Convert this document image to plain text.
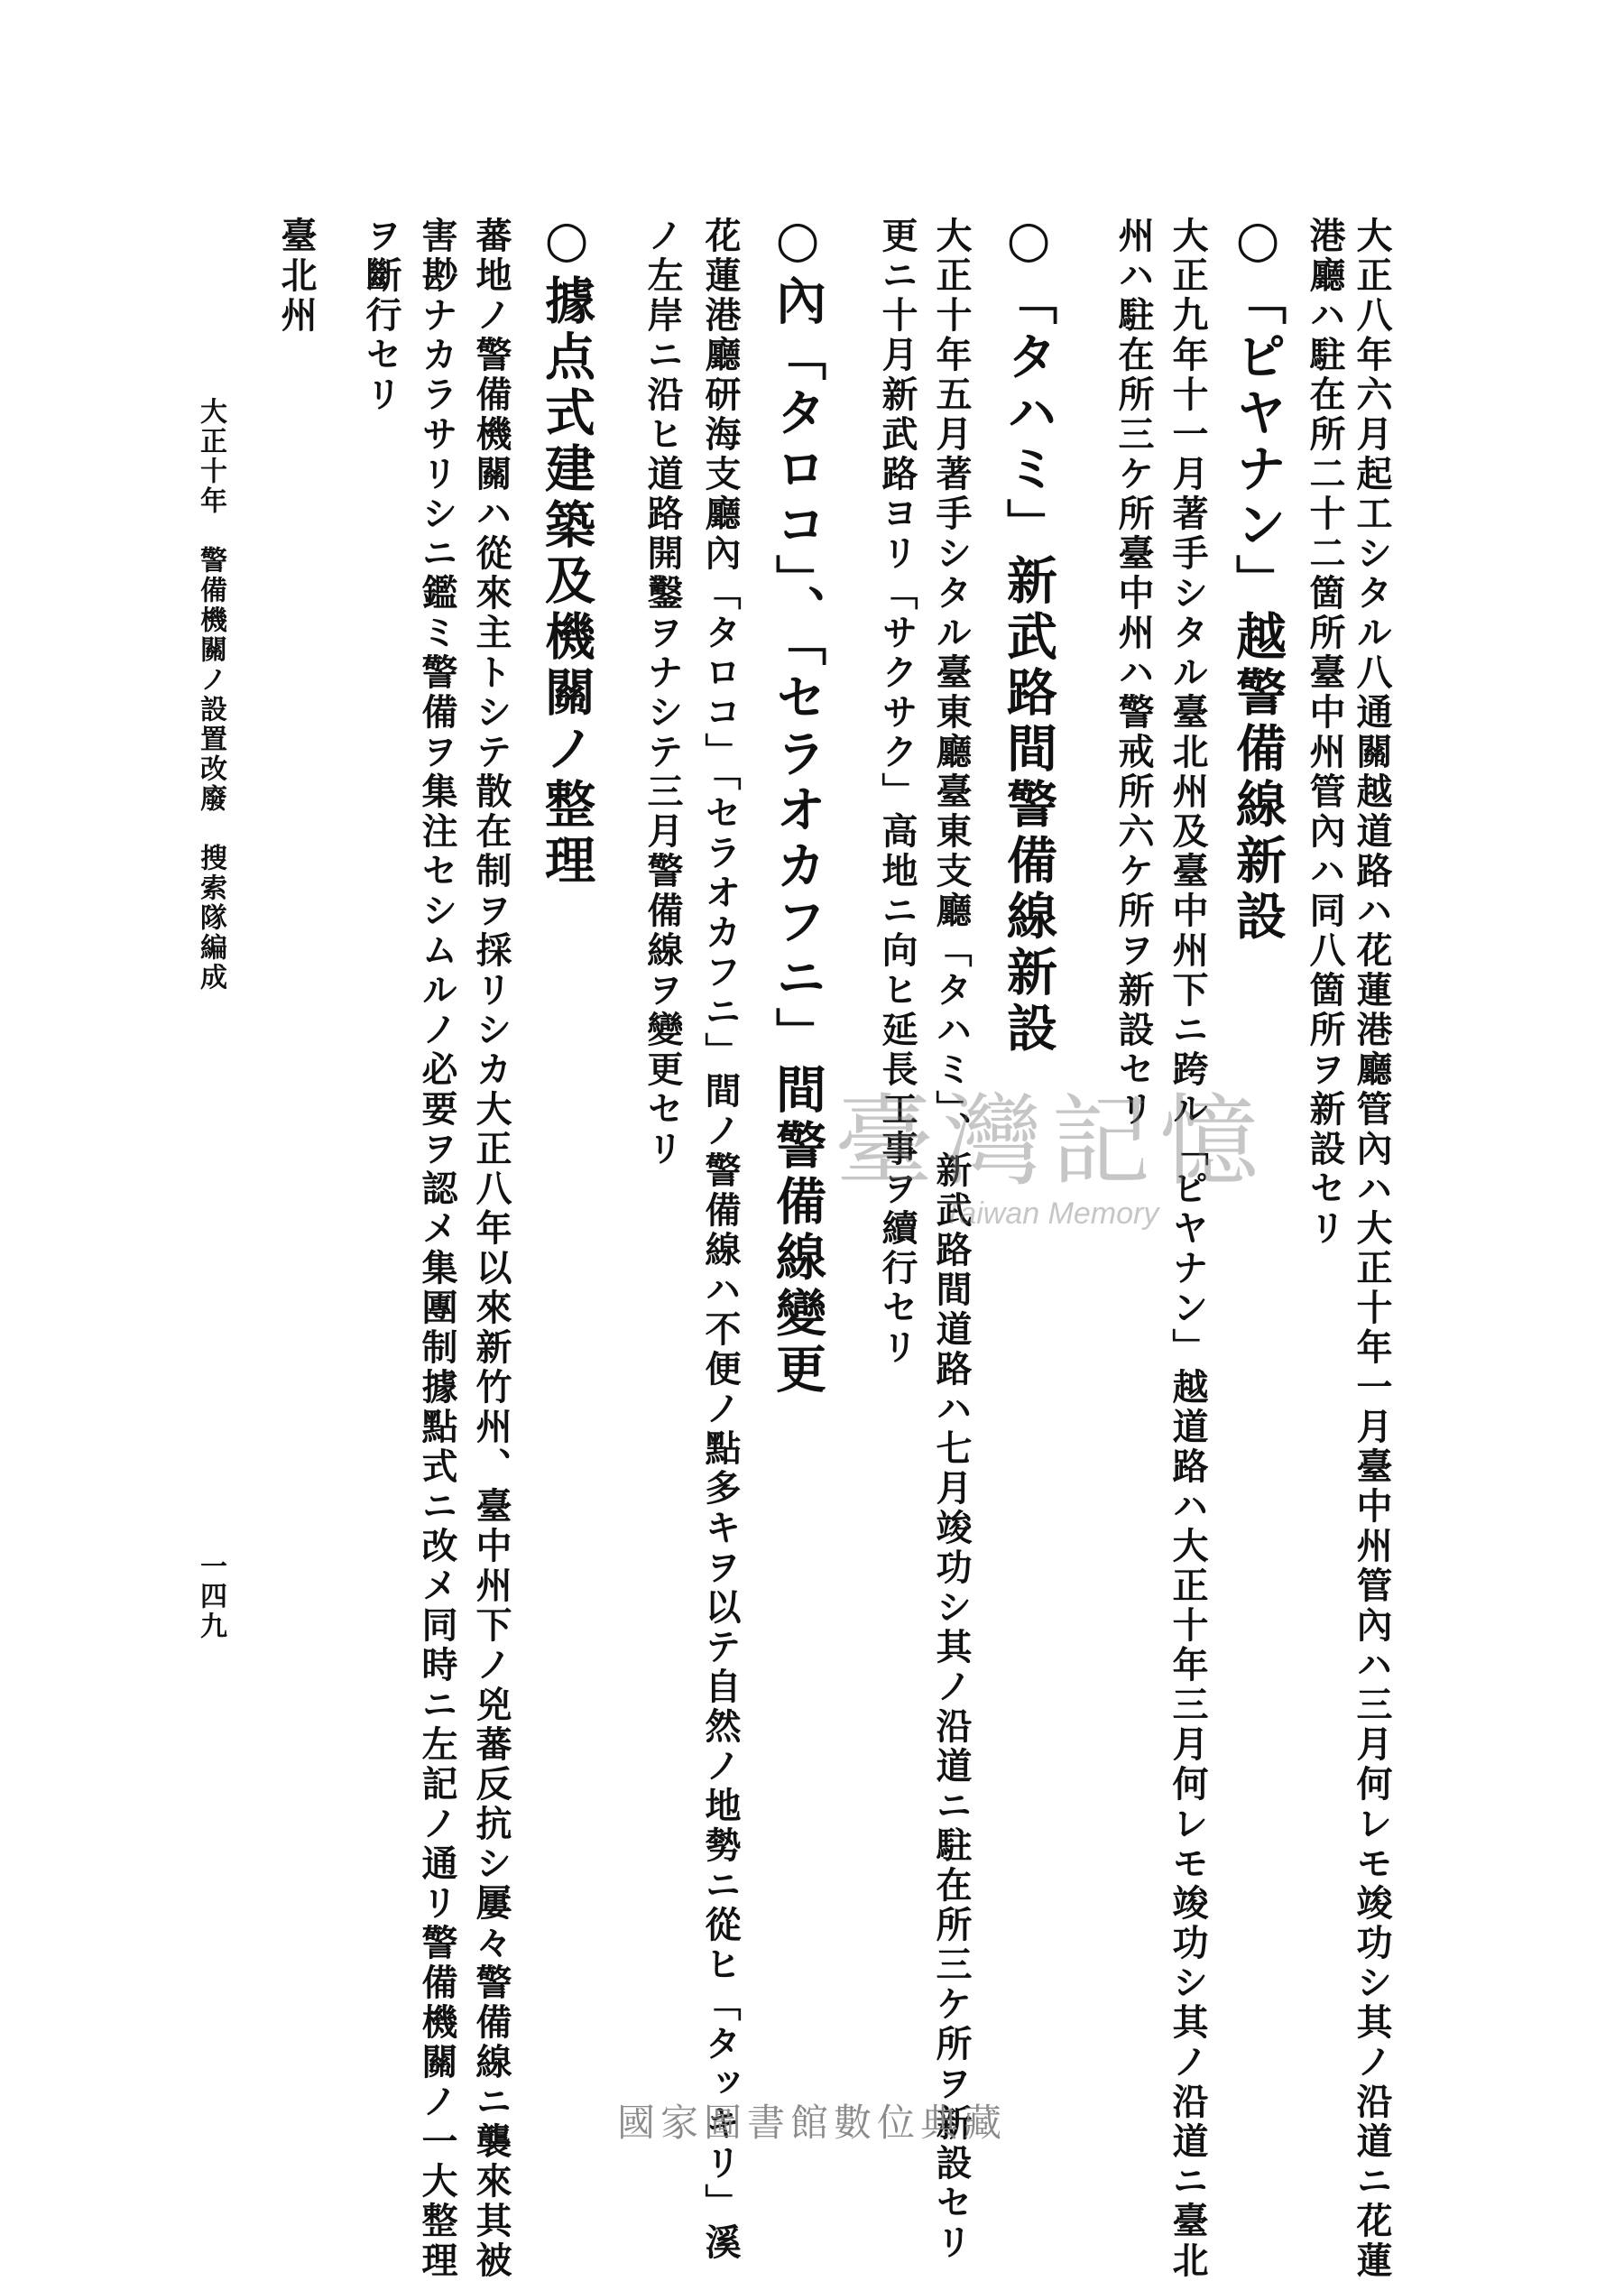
大正八年六月起工シタル八通關越道路ハ花蓮港廳管內ハ大正十年一月臺中州管內ハ三月何レモ竣功シ其ノ沿道ニ花蓮
港廳ハ駐在所二十二箇所臺中州管內ハ同八箇所ヲ新設セリ
○「ピヤナン」越警備線新設
大正九年十一月著手シタル臺北州及臺中州下ニ跨ル「ピヤナン」越道路ハ大正十年三月何レモ竣功シ其ノ沿道ニ臺北
州ハ駐在所三ケ所臺中州ハ警戒所六ケ所ヲ新設セリ
○「タハミ」新武路間警備線新設
大正十年五月著手シタル臺東廳臺東支廳「タハミ」、新武路間道路ハ七月竣功シ其ノ沿道ニ駐在所三ケ所ヲ新設セリ
更ニ十月新武路ヨリ「サクサク」高地ニ向ヒ延長工事ヲ續行セリ
○內「タロコ」、「セラオカフニ」間警備線變更
花蓮港廳研海支廳內「タロコ」「セラオカフニ」間ノ警備線ハ不便ノ點多キヲ以テ自然ノ地勢ニ從ヒ「タッキリ」溪
ノ左岸ニ沿ヒ道路開鑿ヲナシテ三月警備線ヲ變更セリ
○據点式建築及機關ノ整理
蕃地ノ警備機關ハ從來主トシテ散在制ヲ採リシカ大正八年以來新竹州、臺中州下ノ兇蕃反抗シ屢々警備線ニ襲來其被
害尠ナカラサリシニ鑑ミ警備ヲ集注セシムルノ必要ヲ認メ集團制據點式ニ改メ同時ニ左記ノ通リ警備機關ノ一大整理
ヲ斷行セリ
臺北州
大正十年　警備機關ノ設置改廢　搜索隊編成
一四九
臺灣記憶
Taiwan Memory
國家圖書館數位典藏
